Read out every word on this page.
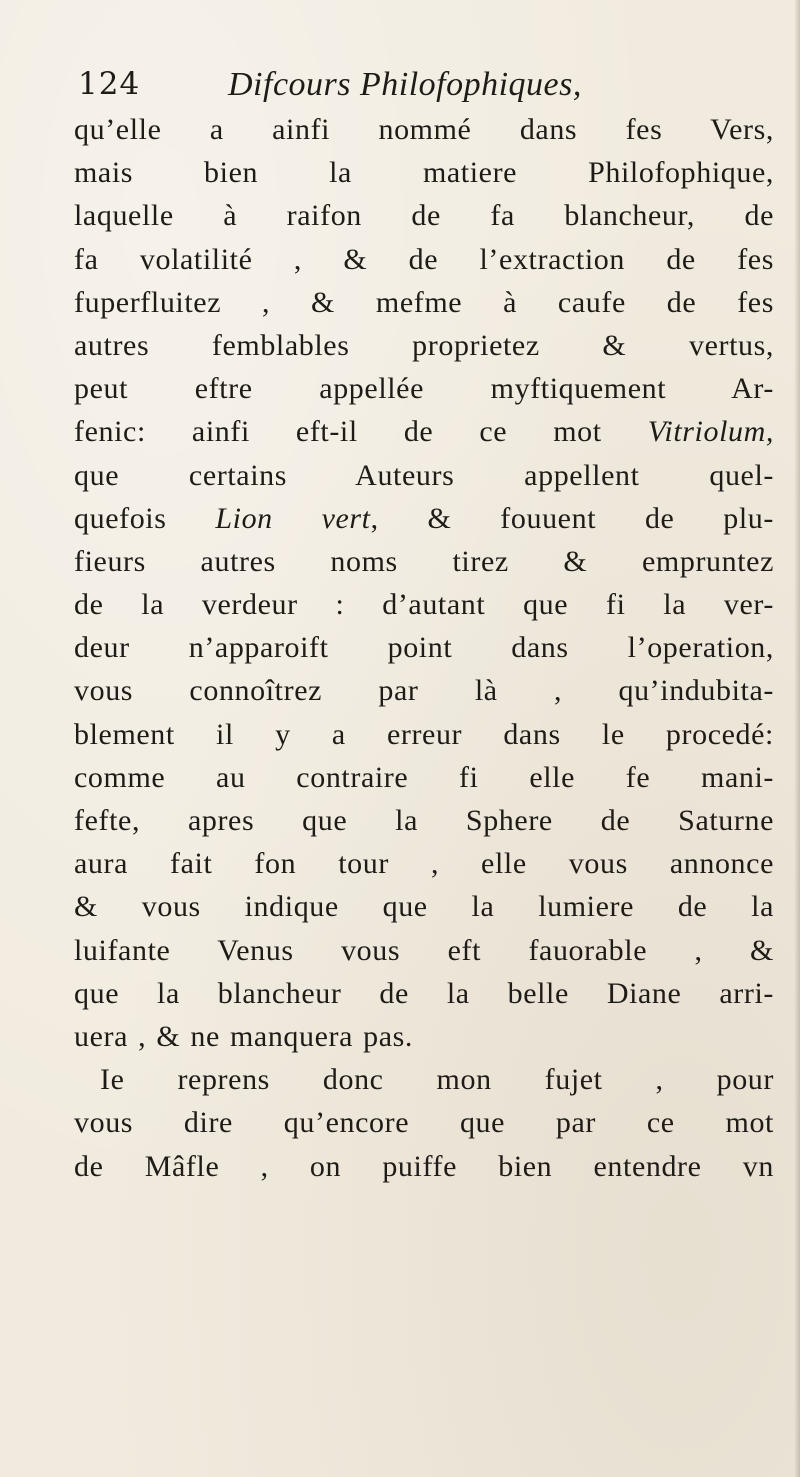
124	Difcours Philofophiques,
qu’elle a ainfi nommé dans fes Vers,
mais bien la matiere Philofophique,
laquelle à raifon de fa blancheur, de
fa volatilité , & de l’extraction de fes
fuperfluitez , & mefme à caufe de fes
autres femblables proprietez & vertus,
peut eftre appellée myftiquement Ar-
fenic: ainfi eft-il de ce mot Vitriolum,
que certains Auteurs appellent quel-
quefois Lion vert, & fouuent de plu-
fieurs autres noms tirez & empruntez
de la verdeur : d’autant que fi la ver-
deur n’apparoift point dans l’operation,
vous connoîtrez par là , qu’indubita-
blement il y a erreur dans le procedé:
comme au contraire fi elle fe mani-
fefte, apres que la Sphere de Saturne
aura fait fon tour , elle vous annonce
& vous indique que la lumiere de la
luifante Venus vous eft fauorable , &
que la blancheur de la belle Diane arri-
uera , & ne manquera pas.
Ie reprens donc mon fujet , pour
vous dire qu’encore que par ce mot
de Mâfle , on puiffe bien entendre vn
